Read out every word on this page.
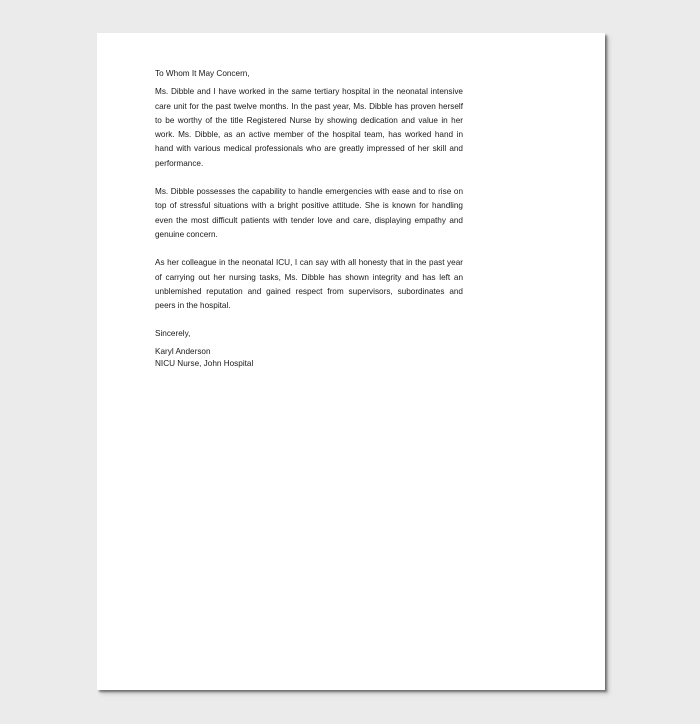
To Whom It May Concern,

Ms. Dibble and I have worked in the same tertiary hospital in the neonatal intensive care unit for the past twelve months. In the past year, Ms. Dibble has proven herself to be worthy of the title Registered Nurse by showing dedication and value in her work. Ms. Dibble, as an active member of the hospital team, has worked hand in hand with various medical professionals who are greatly impressed of her skill and performance.

Ms. Dibble possesses the capability to handle emergencies with ease and to rise on top of stressful situations with a bright positive attitude. She is known for handling even the most difficult patients with tender love and care, displaying empathy and genuine concern.

As her colleague in the neonatal ICU, I can say with all honesty that in the past year of carrying out her nursing tasks, Ms. Dibble has shown integrity and has left an unblemished reputation and gained respect from supervisors, subordinates and peers in the hospital.

Sincerely,

Karyl Anderson

NICU Nurse, John Hospital
